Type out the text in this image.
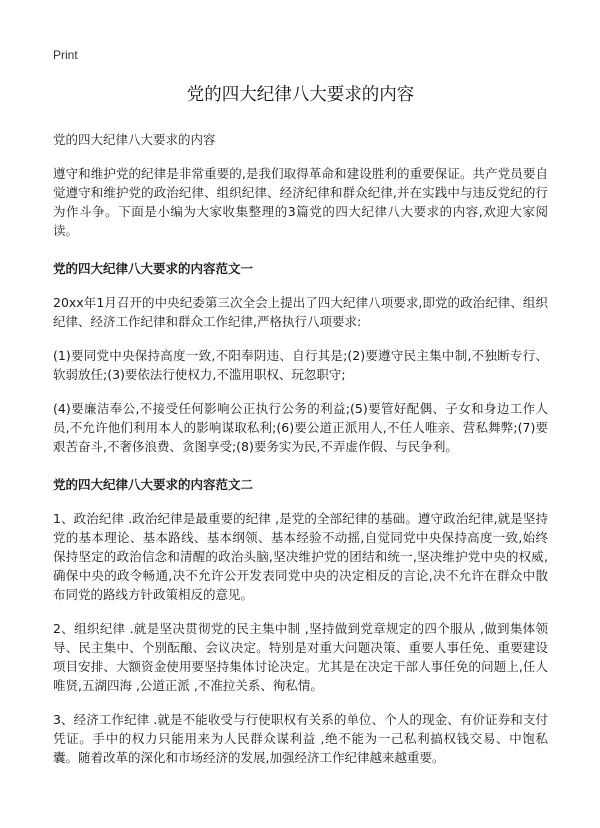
Print
党的四大纪律八大要求的内容

党的四大纪律八大要求的内容

遵守和维护党的纪律是非常重要的,是我们取得革命和建设胜利的重要保证。共产党员要自觉遵守和维护党的政治纪律、组织纪律、经济纪律和群众纪律,并在实践中与违反党纪的行为作斗争。下面是小编为大家收集整理的3篇党的四大纪律八大要求的内容,欢迎大家阅读。

党的四大纪律八大要求的内容范文一

20xx年1月召开的中央纪委第三次全会上提出了四大纪律八项要求,即党的政治纪律、组织纪律、经济工作纪律和群众工作纪律,严格执行八项要求:

(1)要同党中央保持高度一致,不阳奉阴违、自行其是;(2)要遵守民主集中制,不独断专行、软弱放任;(3)要依法行使权力,不滥用职权、玩忽职守;

(4)要廉洁奉公,不接受任何影响公正执行公务的利益;(5)要管好配偶、子女和身边工作人员,不允许他们利用本人的影响谋取私利;(6)要公道正派用人,不任人唯亲、营私舞弊;(7)要艰苦奋斗,不奢侈浪费、贪图享受;(8)要务实为民,不弄虚作假、与民争利。

党的四大纪律八大要求的内容范文二

1、政治纪律 .政治纪律是最重要的纪律 ,是党的全部纪律的基础。遵守政治纪律,就是坚持党的基本理论、基本路线、基本纲领、基本经验不动摇,自觉同党中央保持高度一致,始终保持坚定的政治信念和清醒的政治头脑,坚决维护党的团结和统一,坚决维护党中央的权威,确保中央的政令畅通,决不允许公开发表同党中央的决定相反的言论,决不允许在群众中散布同党的路线方针政策相反的意见。

2、组织纪律 .就是坚决贯彻党的民主集中制 ,坚持做到党章规定的四个服从 ,做到集体领导、民主集中、个别酝酿、会议决定。特别是对重大问题决策、重要人事任免、重要建设项目安排、大额资金使用要坚持集体讨论决定。尤其是在决定干部人事任免的问题上,任人唯贤,五湖四海 ,公道正派 ,不准拉关系、徇私情。

3、经济工作纪律 .就是不能收受与行使职权有关系的单位、个人的现金、有价证券和支付凭证。手中的权力只能用来为人民群众谋利益 ,绝不能为一己私利搞权钱交易、中饱私囊。随着改革的深化和市场经济的发展,加强经济工作纪律越来越重要。
